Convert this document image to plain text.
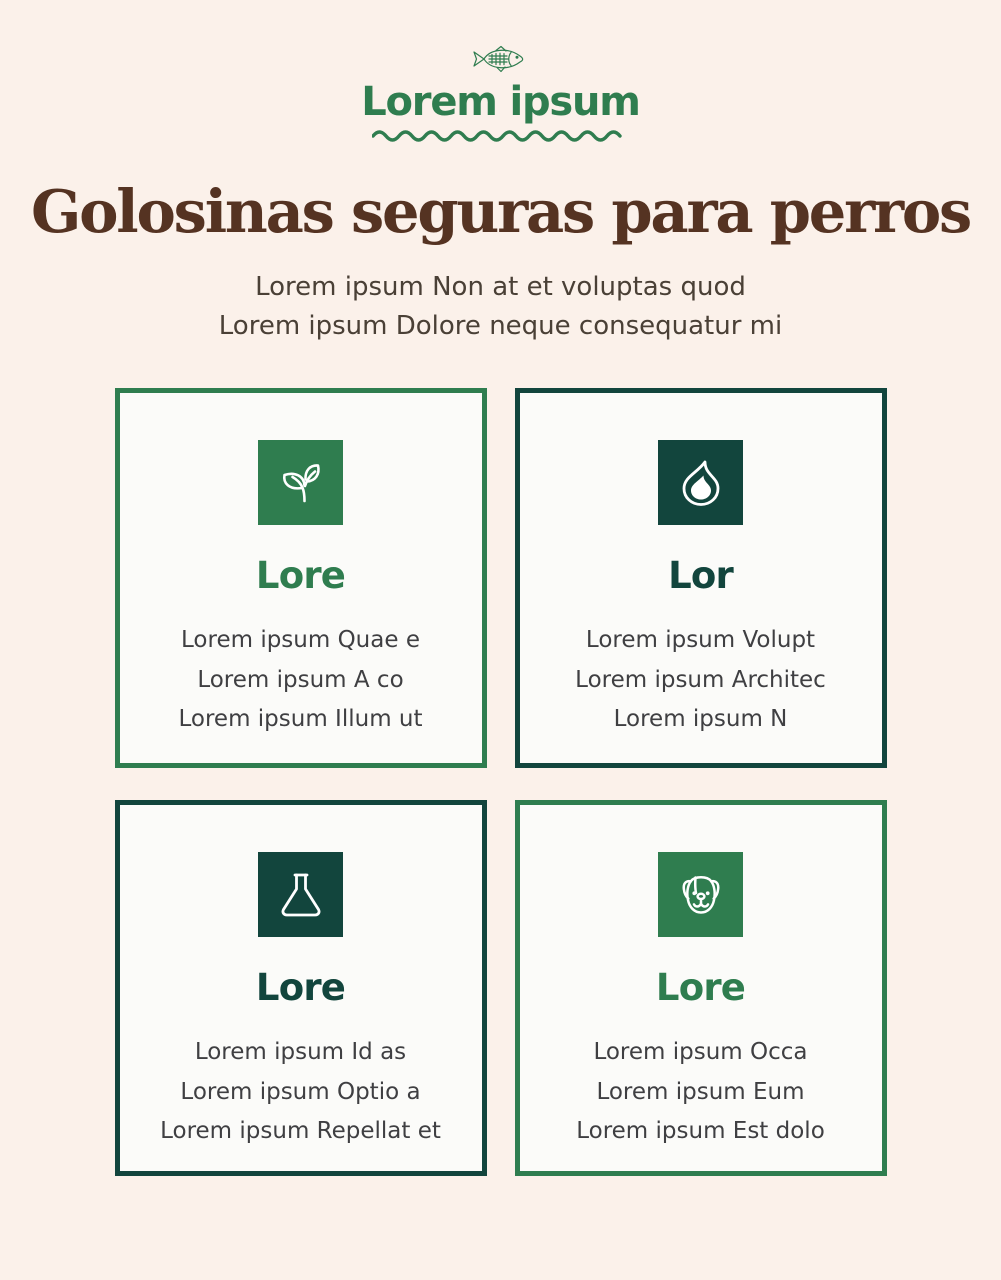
Lorem ipsum
Golosinas seguras para perros
Lorem ipsum Non at et voluptas quod
Lorem ipsum Dolore neque consequatur mi
Lore
Lorem ipsum Quae e
Lorem ipsum A co
Lorem ipsum Illum ut
Lor
Lorem ipsum Volupt
Lorem ipsum Architec
Lorem ipsum N
Lore
Lorem ipsum Id as
Lorem ipsum Optio a
Lorem ipsum Repellat et
Lore
Lorem ipsum Occa
Lorem ipsum Eum
Lorem ipsum Est dolo
